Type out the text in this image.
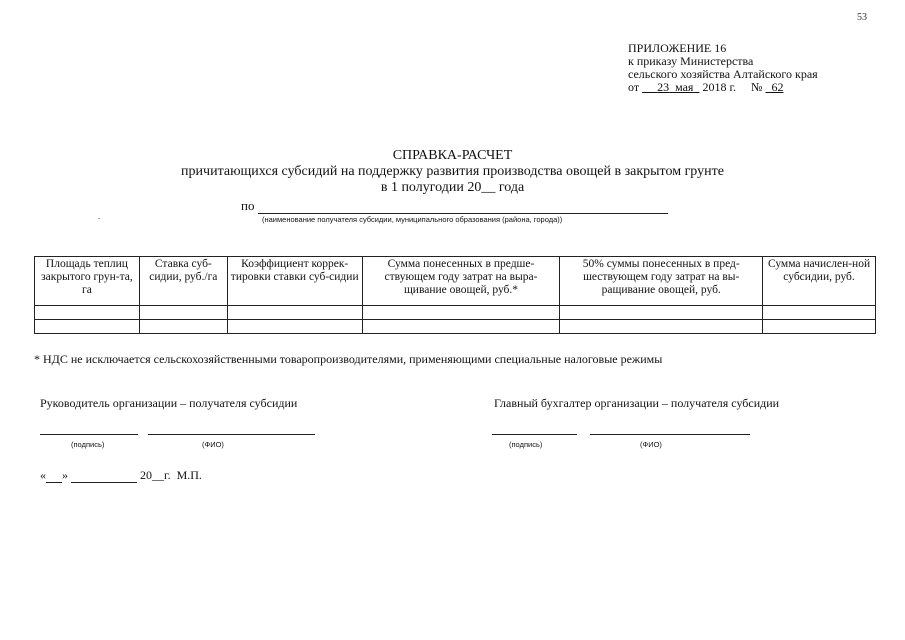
53
ПРИЛОЖЕНИЕ 16
к приказу Министерства
сельского хозяйства Алтайского края
от 23 мая 2018 г. № 62
СПРАВКА-РАСЧЕТ
причитающихся субсидий на поддержку развития производства овощей в закрытом грунте
в 1 полугодии 20__ года
по
(наименование получателя субсидии, муниципального образования (района, города))
.
Площадь теплиц закрытого грун-та, га	Ставка суб-сидии, руб./га	Коэффициент коррек-тировки ставки суб-сидии	Сумма понесенных в предше-ствующем году затрат на выра-щивание овощей, руб.*	50% суммы понесенных в пред-шествующем году затрат на вы-ращивание овощей, руб.	Сумма начислен-ной субсидии, руб.

* НДС не исключается сельскохозяйственными товаропроизводителями, применяющими специальные налоговые режимы
Руководитель организации – получателя субсидии
(подпись)	(ФИО)
Главный бухгалтер организации – получателя субсидии
(подпись)	(ФИО)
« »	20__г. М.П.
